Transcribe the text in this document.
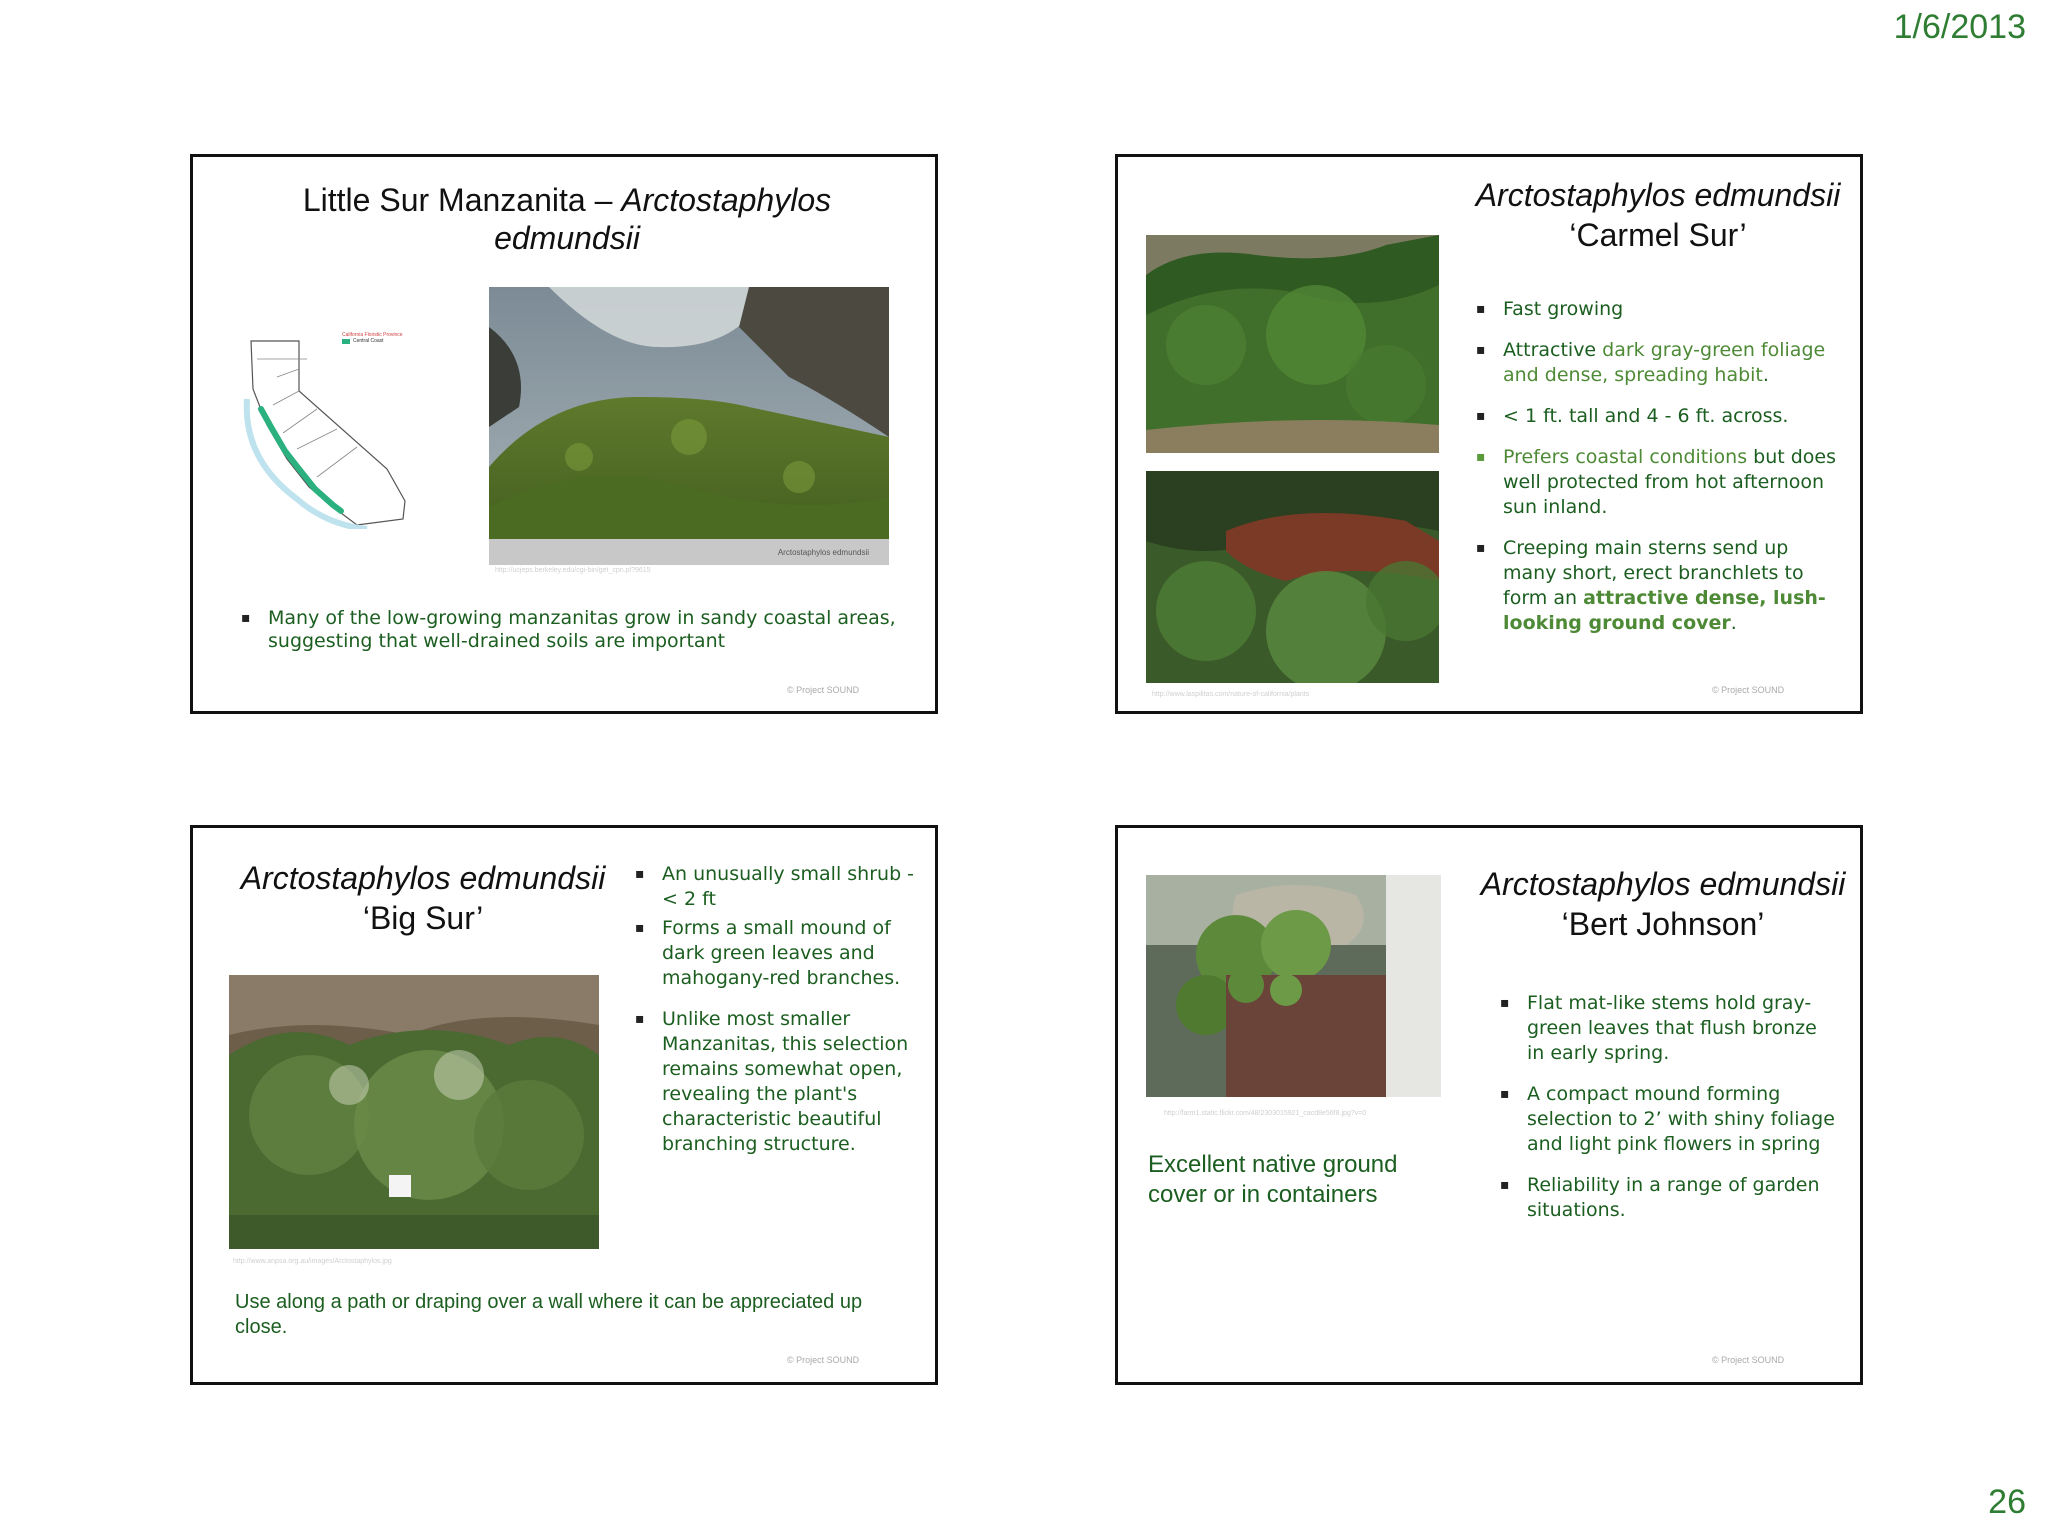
1/6/2013
Little Sur Manzanita – Arctostaphylos
edmundsii
California Floristic Province
Central Coast
Arctostaphylos edmundsii
http://ucjeps.berkeley.edu/cgi-bin/get_cpn.pl?9615
▪ Many of the low-growing manzanitas grow in sandy coastal areas, suggesting that well-drained soils are important
© Project SOUND
Arctostaphylos edmundsii
‘Carmel Sur’
http://www.laspilitas.com/nature-of-california/plants
▪ Fast growing
▪ Attractive dark gray-green foliage and dense, spreading habit.
▪ < 1 ft. tall and 4 - 6 ft. across.
▪ Prefers coastal conditions but does well protected from hot afternoon sun inland.
▪ Creeping main sterns send up many short, erect branchlets to form an attractive dense, lush-looking ground cover.
© Project SOUND
Arctostaphylos edmundsii
‘Big Sur’
http://www.anpsa.org.au/images/Arctostaphylos.jpg
▪ An unusually small shrub - < 2 ft
▪ Forms a small mound of dark green leaves and mahogany-red branches.
▪ Unlike most smaller Manzanitas, this selection remains somewhat open, revealing the plant's characteristic beautiful branching structure.
Use along a path or draping over a wall where it can be appreciated up close.
© Project SOUND
Arctostaphylos edmundsii
‘Bert Johnson’
http://farm1.static.flickr.com/48/2303015921_cacd8e56f8.jpg?v=0
Excellent native ground cover or in containers
▪ Flat mat-like stems hold gray-green leaves that flush bronze in early spring.
▪ A compact mound forming selection to 2’ with shiny foliage and light pink flowers in spring
▪ Reliability in a range of garden situations.
© Project SOUND
26
